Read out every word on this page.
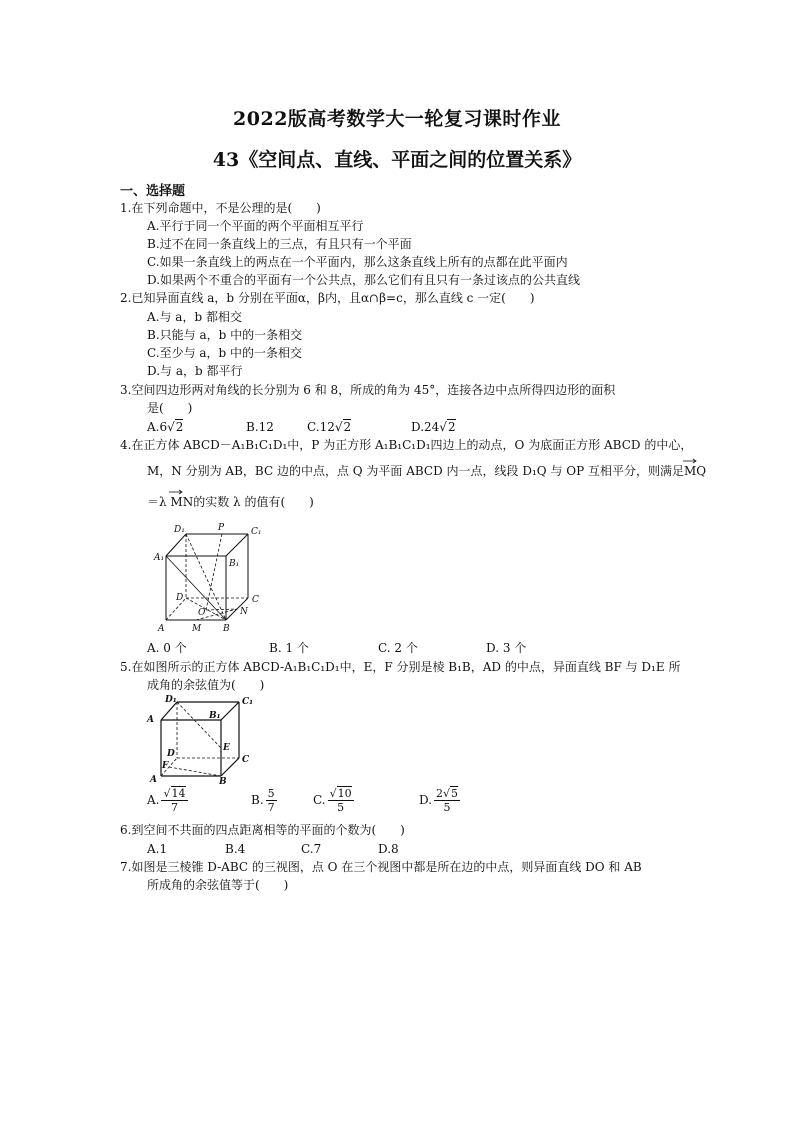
2022版高考数学大一轮复习课时作业
43《空间点、直线、平面之间的位置关系》
一、选择题
1.在下列命题中，不是公理的是(　　)
A.平行于同一个平面的两个平面相互平行
B.过不在同一条直线上的三点，有且只有一个平面
C.如果一条直线上的两点在一个平面内，那么这条直线上所有的点都在此平面内
D.如果两个不重合的平面有一个公共点，那么它们有且只有一条过该点的公共直线
2.已知异面直线 a，b 分别在平面α，β内，且α∩β=c，那么直线 c 一定(　　)
A.与 a，b 都相交
B.只能与 a，b 中的一条相交
C.至少与 a，b 中的一条相交
D.与 a，b 都平行
3.空间四边形两对角线的长分别为 6 和 8，所成的角为 45°，连接各边中点所得四边形的面积
是(　　)
A.6√2	B.12	C.12√2	D.24√2
4.在正方体 ABCD－A₁B₁C₁D₁中，P 为正方形 A₁B₁C₁D₁四边上的动点，O 为底面正方形 ABCD 的中心，
M，N 分别为 AB，BC 边的中点，点 Q 为平面 ABCD 内一点，线段 D₁Q 与 OP 互相平分，则满足MQ
＝λ MN的实数 λ 的值有(　　)
D₁	P	C₁
A₁
B₁
D	C
O	N
A	M B
A. 0 个	B. 1 个	C. 2 个	D. 3 个
5.在如图所示的正方体 ABCD-A₁B₁C₁D₁中，E，F 分别是棱 B₁B，AD 的中点，异面直线 BF 与 D₁E 所
成角的余弦值为(　　)
D₁	C₁
A	B₁
D
E
C
F
A	B
A. $\frac{√14}{7}$	B. $\frac{5}{7}$	C. $\frac{√10}{5}$	D. $\frac{2√5}{5}$
6.到空间不共面的四点距离相等的平面的个数为(　　)
A.1	B.4	C.7	D.8
7.如图是三棱锥 D-ABC 的三视图，点 O 在三个视图中都是所在边的中点，则异面直线 DO 和 AB
所成角的余弦值等于(　　)
